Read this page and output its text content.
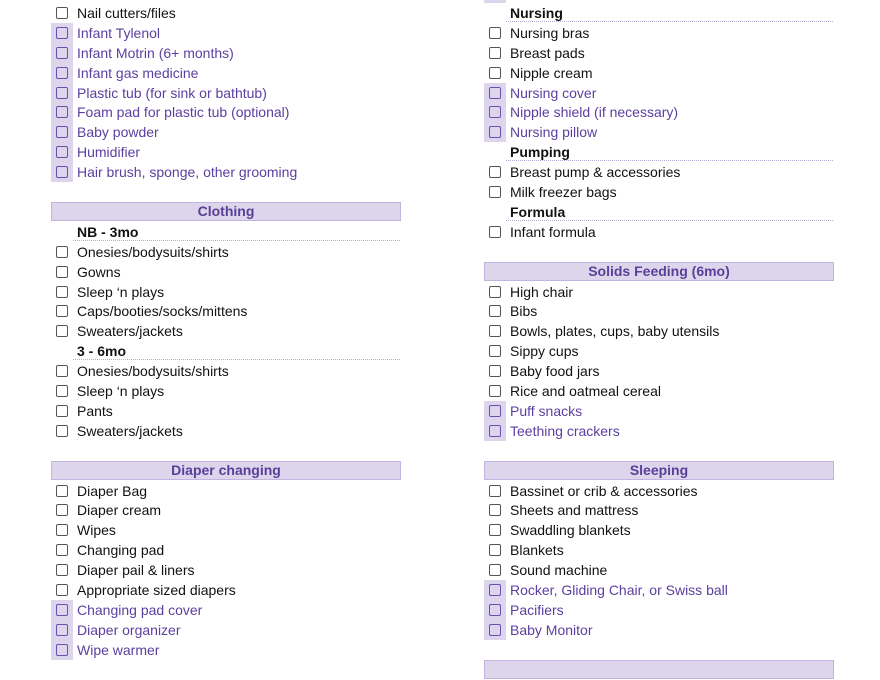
Nail cutters/files
Infant Tylenol
Infant Motrin (6+ months)
Infant gas medicine
Plastic tub (for sink or bathtub)
Foam pad for plastic tub (optional)
Baby powder
Humidifier
Hair brush, sponge, other grooming
Clothing
NB - 3mo
Onesies/bodysuits/shirts
Gowns
Sleep ‘n plays
Caps/booties/socks/mittens
Sweaters/jackets
3 - 6mo
Onesies/bodysuits/shirts
Sleep ‘n plays
Pants
Sweaters/jackets
Diaper changing
Diaper Bag
Diaper cream
Wipes
Changing pad
Diaper pail & liners
Appropriate sized diapers
Changing pad cover
Diaper organizer
Wipe warmer
Nursing
Nursing bras
Breast pads
Nipple cream
Nursing cover
Nipple shield (if necessary)
Nursing pillow
Pumping
Breast pump & accessories
Milk freezer bags
Formula
Infant formula
Solids Feeding (6mo)
High chair
Bibs
Bowls, plates, cups, baby utensils
Sippy cups
Baby food jars
Rice and oatmeal cereal
Puff snacks
Teething crackers
Sleeping
Bassinet or crib & accessories
Sheets and mattress
Swaddling blankets
Blankets
Sound machine
Rocker, Gliding Chair, or Swiss ball
Pacifiers
Baby Monitor
